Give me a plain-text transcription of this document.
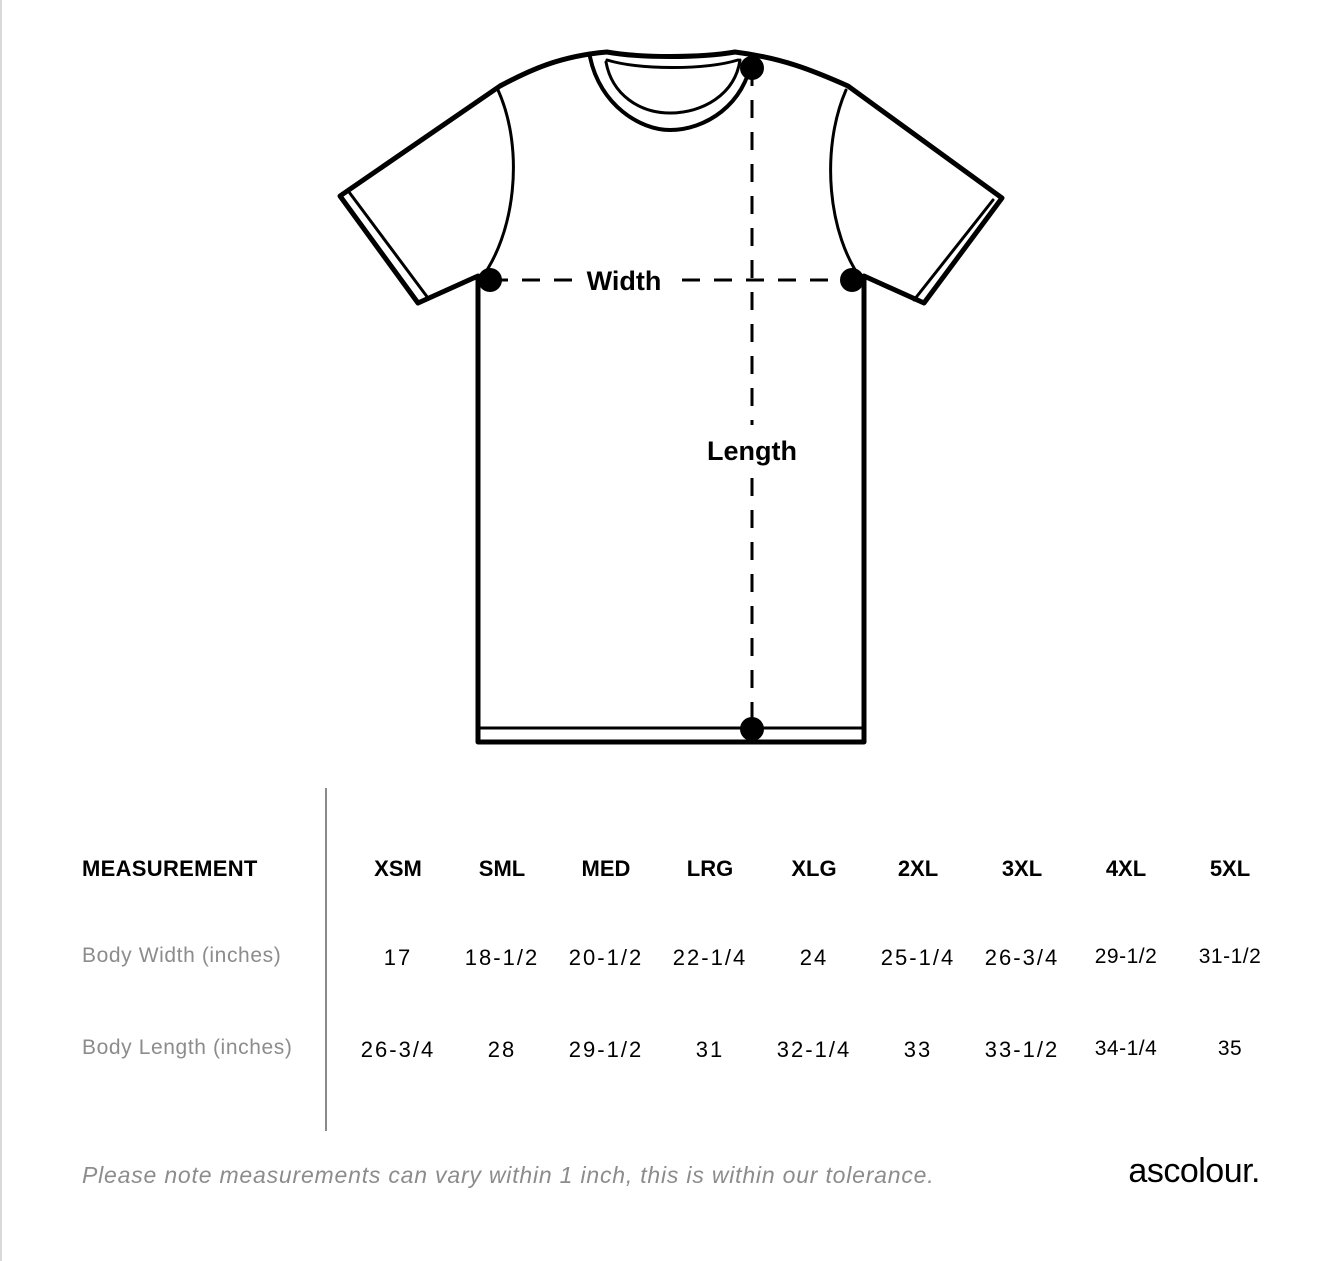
Width
Length
MEASUREMENT	XSM	SML	MED	LRG	XLG	2XL	3XL	4XL	5XL
Body Width (inches)	17	18-1/2	20-1/2	22-1/4	24	25-1/4	26-3/4	29-1/2	31-1/2
Body Length (inches)	26-3/4	28	29-1/2	31	32-1/4	33	33-1/2	34-1/4	35
Please note measurements can vary within 1 inch, this is within our tolerance.	ascolour.
